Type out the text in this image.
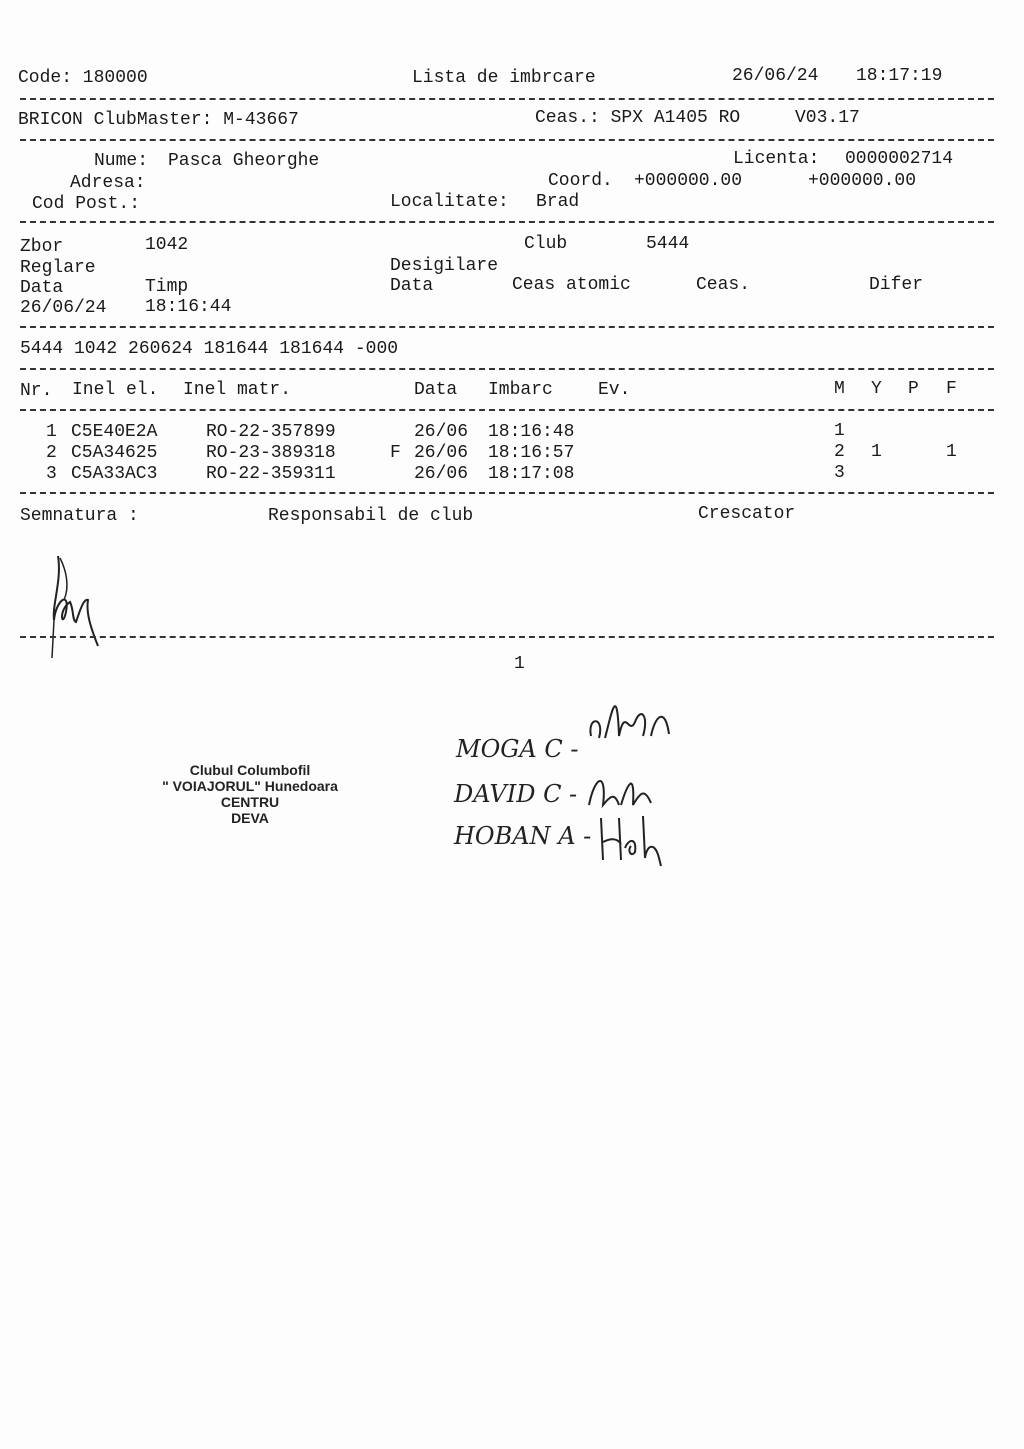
Code: 180000	Lista de imbrcare	26/06/24 18:17:19
BRICON ClubMaster: M-43667	Ceas.: SPX A1405 RO	V03.17
Nume: Pasca Gheorghe	Licenta: 0000002714
Adresa:	Coord. +000000.00	+000000.00
Cod Post.:	Localitate: Brad
Zbor	1042	Club	5444
Reglare	Desigilare
Data	Timp	Data	Ceas atomic	Ceas.	Difer
26/06/24 18:16:44
5444 1042 260624 181644 181644 -000
Nr. Inel el. Inel matr.	Data Imbarc	Ev.	M Y P F
1 C5E40E2A	RO-22-357899	26/06 18:16:48	1
2 C5A34625	RO-23-389318	F 26/06 18:16:57	2 1	1
3 C5A33AC3	RO-22-359311	26/06 18:17:08	3
Semnatura :	Responsabil de club	Crescator
1
Clubul Columbofil
" VOIAJORUL" Hunedoara
CENTRU
DEVA
MOGA C -
DAVID C -
HOBAN A -
